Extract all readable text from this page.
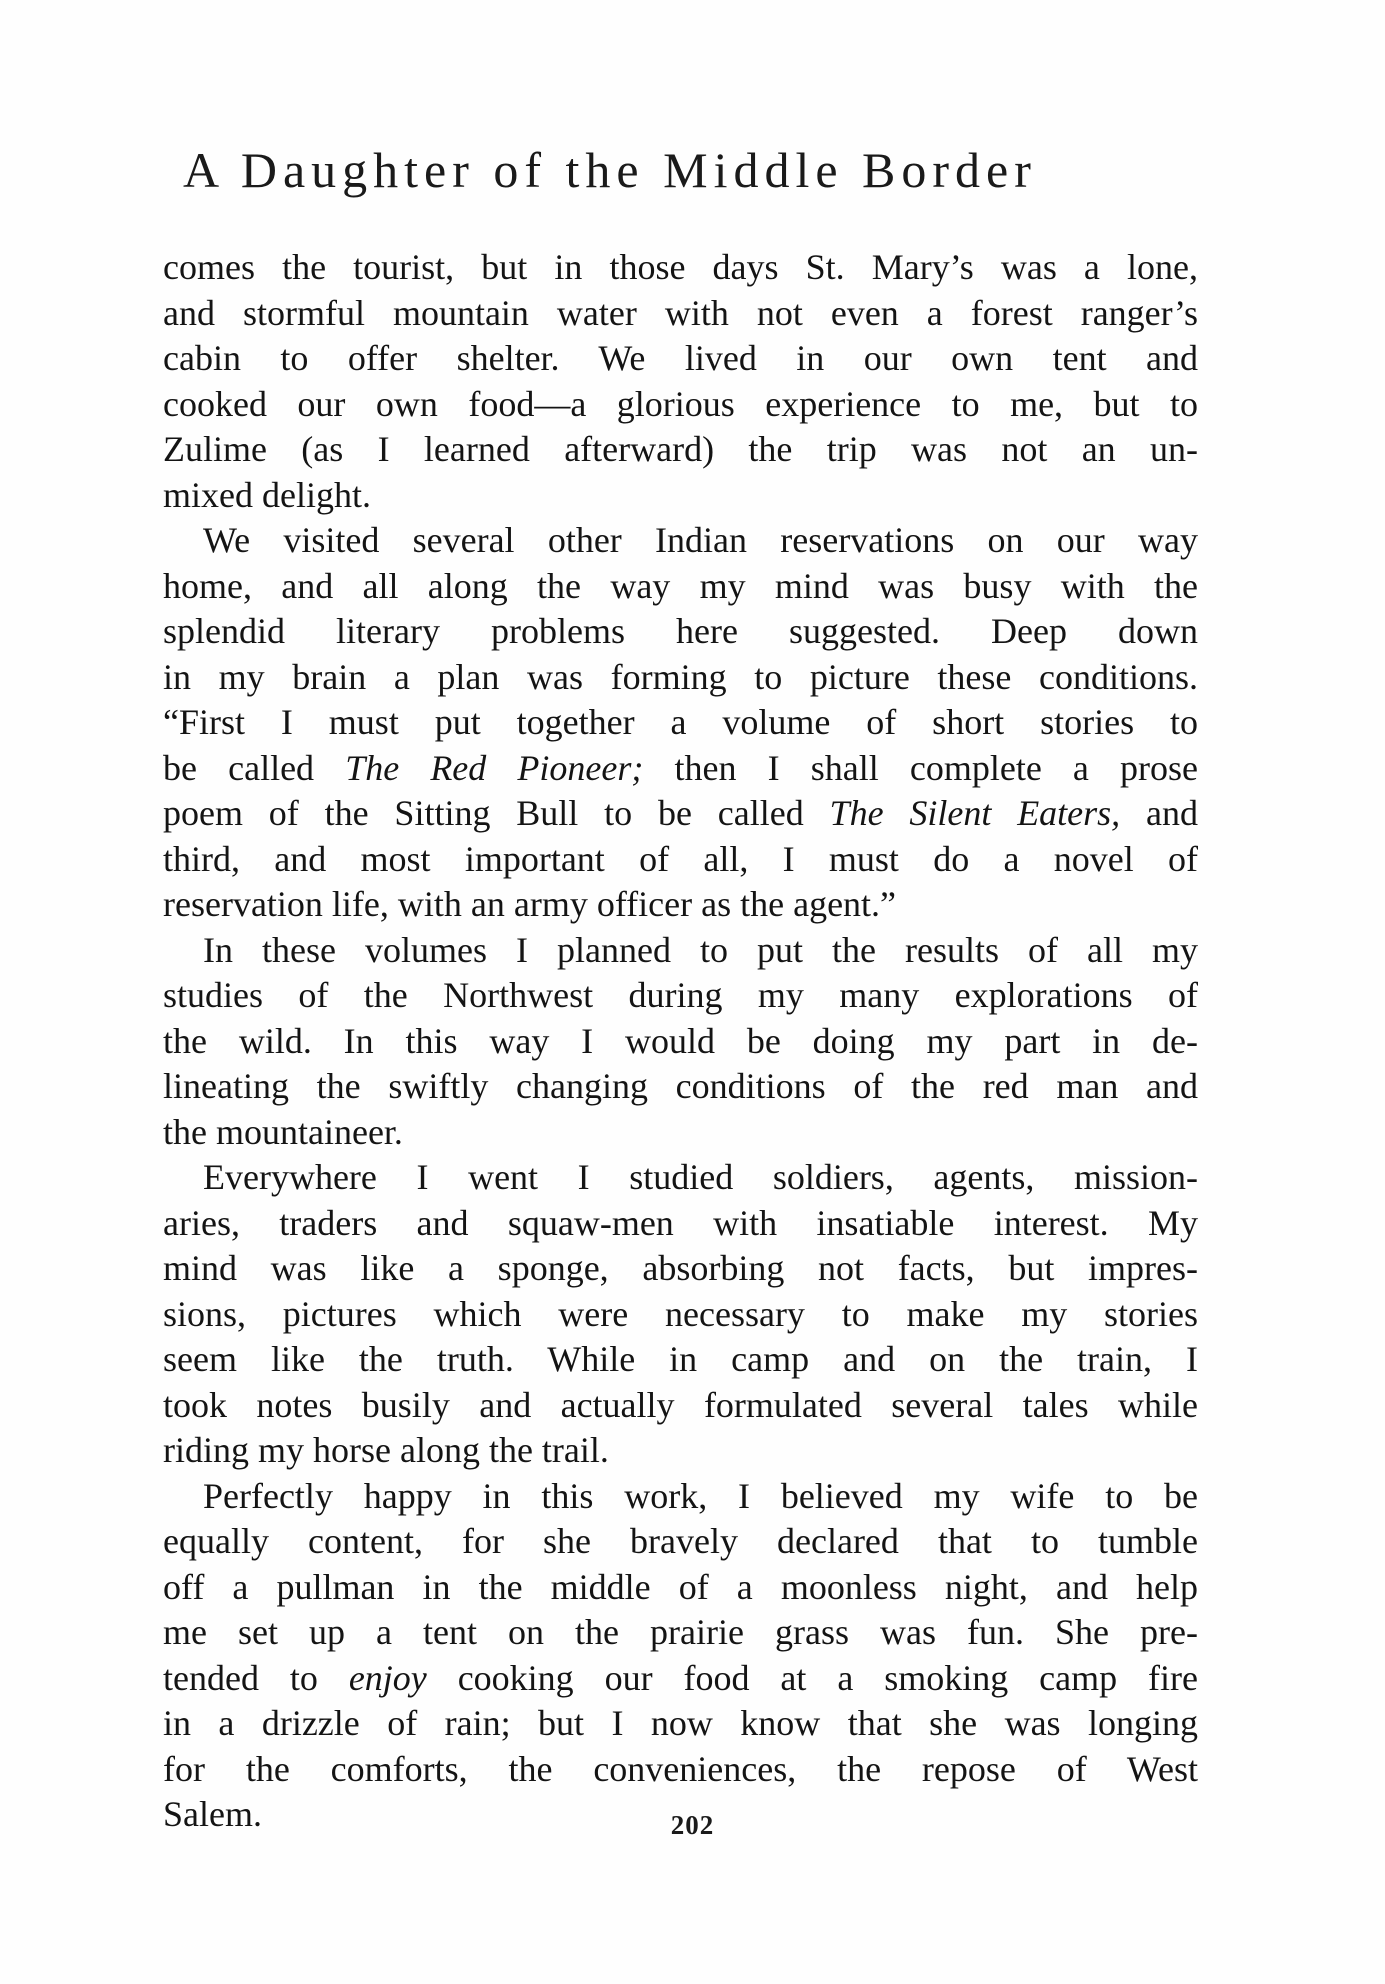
A Daughter of the Middle Border
comes the tourist, but in those days St. Mary’s was a lone,
and stormful mountain water with not even a forest ranger’s
cabin to offer shelter. We lived in our own tent and
cooked our own food—a glorious experience to me, but to
Zulime (as I learned afterward) the trip was not an un-
mixed delight.
We visited several other Indian reservations on our way
home, and all along the way my mind was busy with the
splendid literary problems here suggested. Deep down
in my brain a plan was forming to picture these conditions.
“First I must put together a volume of short stories to
be called The Red Pioneer; then I shall complete a prose
poem of the Sitting Bull to be called The Silent Eaters, and
third, and most important of all, I must do a novel of
reservation life, with an army officer as the agent.”
In these volumes I planned to put the results of all my
studies of the Northwest during my many explorations of
the wild. In this way I would be doing my part in de-
lineating the swiftly changing conditions of the red man and
the mountaineer.
Everywhere I went I studied soldiers, agents, mission-
aries, traders and squaw-men with insatiable interest. My
mind was like a sponge, absorbing not facts, but impres-
sions, pictures which were necessary to make my stories
seem like the truth. While in camp and on the train, I
took notes busily and actually formulated several tales while
riding my horse along the trail.
Perfectly happy in this work, I believed my wife to be
equally content, for she bravely declared that to tumble
off a pullman in the middle of a moonless night, and help
me set up a tent on the prairie grass was fun. She pre-
tended to enjoy cooking our food at a smoking camp fire
in a drizzle of rain; but I now know that she was longing
for the comforts, the conveniences, the repose of West
Salem.	202
